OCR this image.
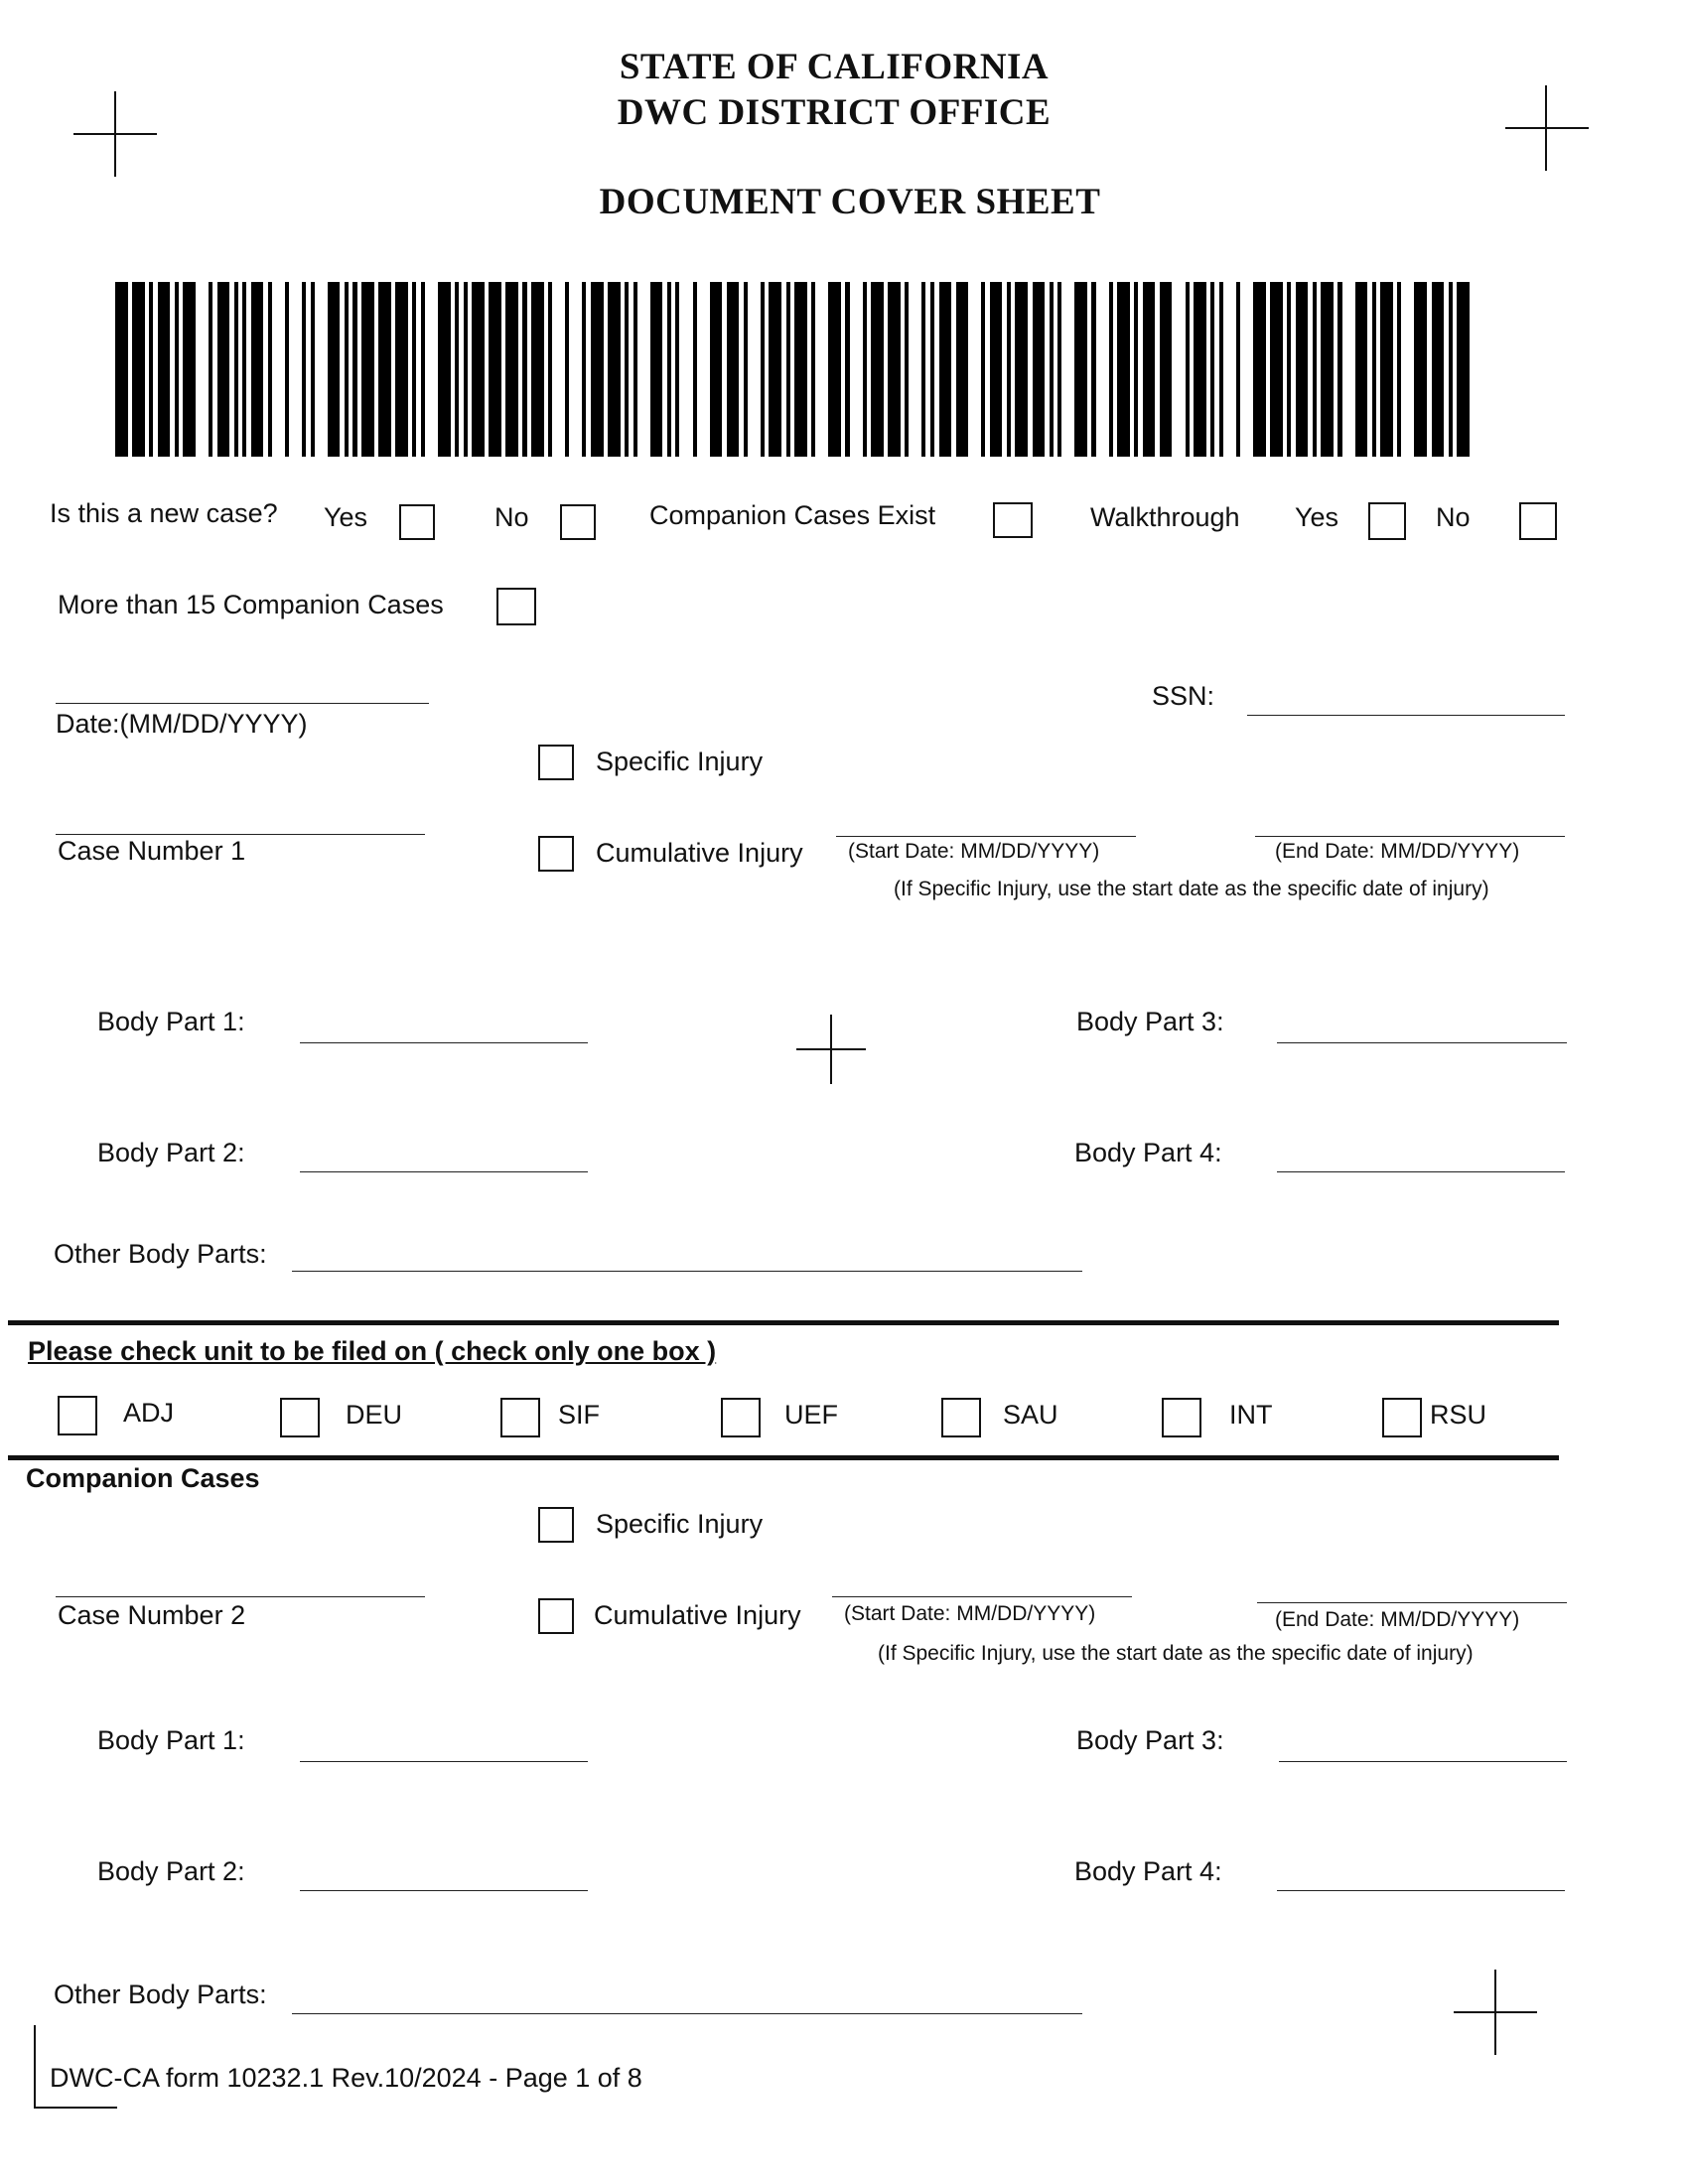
STATE OF CALIFORNIA
DWC DISTRICT OFFICE
DOCUMENT COVER SHEET
Is this a new case? Yes	No	Companion Cases Exist	Walkthrough Yes	No
More than 15 Companion Cases
Date:(MM/DD/YYYY)
SSN:
Specific Injury
Case Number 1	Cumulative Injury (Start Date: MM/DD/YYYY)	(End Date: MM/DD/YYYY)
(If Specific Injury, use the start date as the specific date of injury)
Body Part 1:	Body Part 3:
Body Part 2:	Body Part 4:
Other Body Parts:
Please check unit to be filed on ( check only one box )
ADJ	DEU	SIF	UEF	SAU	INT	RSU
Companion Cases
Specific Injury
Case Number 2	Cumulative Injury (Start Date: MM/DD/YYYY)	(End Date: MM/DD/YYYY)
(If Specific Injury, use the start date as the specific date of injury)
Body Part 1:	Body Part 3:
Body Part 2:	Body Part 4:
Other Body Parts:
DWC-CA form 10232.1 Rev.10/2024 - Page 1 of 8
